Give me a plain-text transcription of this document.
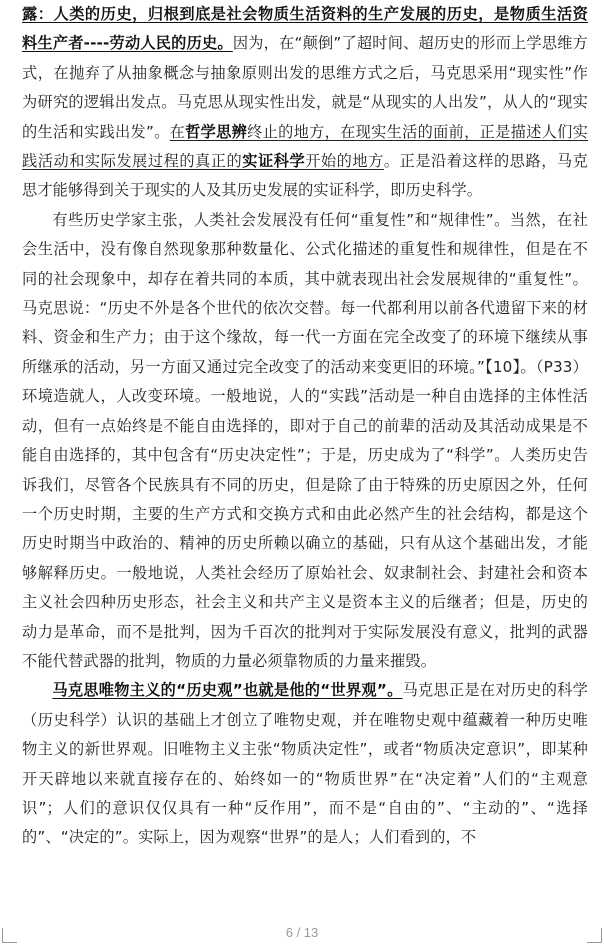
露：人类的历史，归根到底是社会物质生活资料的生产发展的历史，是物质生活资料生产者----劳动人民的历史。因为，在“颠倒”了超时间、超历史的形而上学思维方式，在抛弃了从抽象概念与抽象原则出发的思维方式之后，马克思采用“现实性”作为研究的逻辑出发点。马克思从现实性出发，就是“从现实的人出发”，从人的“现实的生活和实践出发”。在哲学思辨终止的地方，在现实生活的面前，正是描述人们实践活动和实际发展过程的真正的实证科学开始的地方。正是沿着这样的思路，马克思才能够得到关于现实的人及其历史发展的实证科学，即历史科学。

有些历史学家主张，人类社会发展没有任何“重复性”和“规律性”。当然，在社会生活中，没有像自然现象那种数量化、公式化描述的重复性和规律性，但是在不同的社会现象中，却存在着共同的本质，其中就表现出社会发展规律的“重复性”。马克思说：“历史不外是各个世代的依次交替。每一代都利用以前各代遗留下来的材料、资金和生产力；由于这个缘故，每一代一方面在完全改变了的环境下继续从事所继承的活动，另一方面又通过完全改变了的活动来变更旧的环境。”【10】。（P33）环境造就人，人改变环境。一般地说，人的“实践”活动是一种自由选择的主体性活动，但有一点始终是不能自由选择的，即对于自己的前辈的活动及其活动成果是不能自由选择的，其中包含有“历史决定性”；于是，历史成为了“科学”。人类历史告诉我们，尽管各个民族具有不同的历史，但是除了由于特殊的历史原因之外，任何一个历史时期，主要的生产方式和交换方式和由此必然产生的社会结构，都是这个历史时期当中政治的、精神的历史所赖以确立的基础，只有从这个基础出发，才能够解释历史。一般地说，人类社会经历了原始社会、奴隶制社会、封建社会和资本主义社会四种历史形态，社会主义和共产主义是资本主义的后继者；但是，历史的动力是革命，而不是批判，因为千百次的批判对于实际发展没有意义，批判的武器不能代替武器的批判，物质的力量必须靠物质的力量来摧毁。

马克思唯物主义的“历史观”也就是他的“世界观”。马克思正是在对历史的科学（历史科学）认识的基础上才创立了唯物史观，并在唯物史观中蕴藏着一种历史唯物主义的新世界观。旧唯物主义主张“物质决定性”，或者“物质决定意识”，即某种开天辟地以来就直接存在的、始终如一的“物质世界”在“决定着”人们的“主观意识”；人们的意识仅仅具有一种“反作用”，而不是“自由的”、“主动的”、“选择的”、“决定的”。实际上，因为观察“世界”的是人；人们看到的，不

6 / 13
